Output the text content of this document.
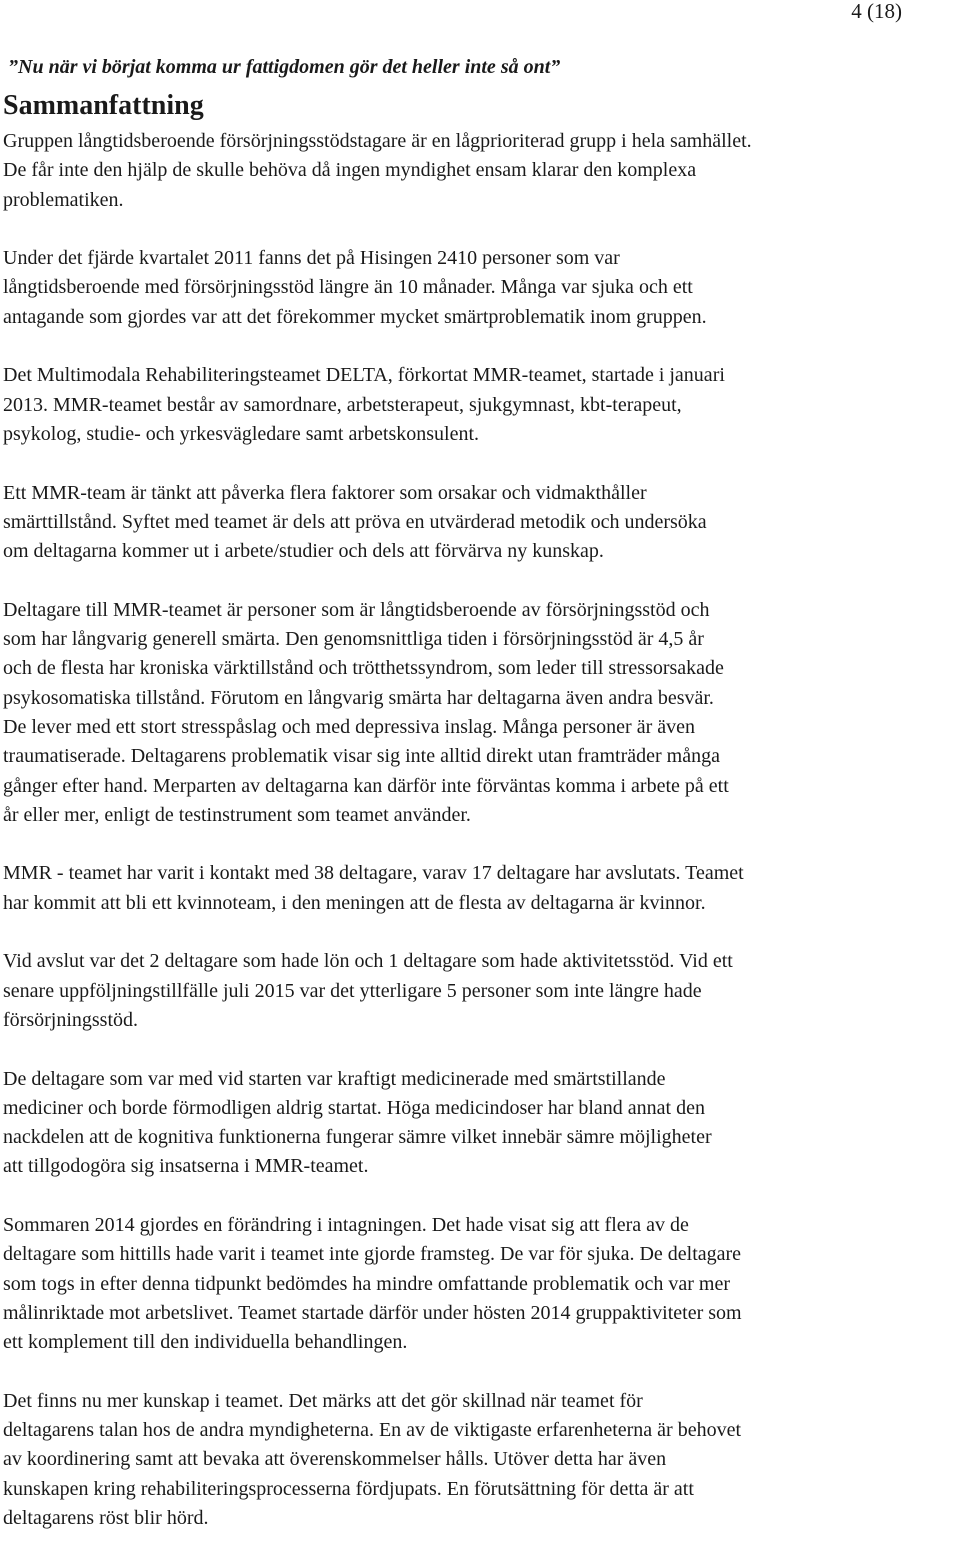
4 (18)
”Nu när vi börjat komma ur fattigdomen gör det heller inte så ont”
Sammanfattning

Gruppen långtidsberoende försörjningsstödstagare är en lågprioriterad grupp i hela samhället.
De får inte den hjälp de skulle behöva då ingen myndighet ensam klarar den komplexa
problematiken.

Under det fjärde kvartalet 2011 fanns det på Hisingen 2410 personer som var
långtidsberoende med försörjningsstöd längre än 10 månader. Många var sjuka och ett
antagande som gjordes var att det förekommer mycket smärtproblematik inom gruppen.

Det Multimodala Rehabiliteringsteamet DELTA, förkortat MMR-teamet, startade i januari
2013. MMR-teamet består av samordnare, arbetsterapeut, sjukgymnast, kbt-terapeut,
psykolog, studie- och yrkesvägledare samt arbetskonsulent.

Ett MMR-team är tänkt att påverka flera faktorer som orsakar och vidmakthåller
smärttillstånd. Syftet med teamet är dels att pröva en utvärderad metodik och undersöka
om deltagarna kommer ut i arbete/studier och dels att förvärva ny kunskap.

Deltagare till MMR-teamet är personer som är långtidsberoende av försörjningsstöd och
som har långvarig generell smärta. Den genomsnittliga tiden i försörjningsstöd är 4,5 år
och de flesta har kroniska värktillstånd och trötthetssyndrom, som leder till stressorsakade
psykosomatiska tillstånd. Förutom en långvarig smärta har deltagarna även andra besvär.
De lever med ett stort stresspåslag och med depressiva inslag. Många personer är även
traumatiserade. Deltagarens problematik visar sig inte alltid direkt utan framträder många
gånger efter hand. Merparten av deltagarna kan därför inte förväntas komma i arbete på ett
år eller mer, enligt de testinstrument som teamet använder.

MMR - teamet har varit i kontakt med 38 deltagare, varav 17 deltagare har avslutats. Teamet
har kommit att bli ett kvinnoteam, i den meningen att de flesta av deltagarna är kvinnor.

Vid avslut var det 2 deltagare som hade lön och 1 deltagare som hade aktivitetsstöd. Vid ett
senare uppföljningstillfälle juli 2015 var det ytterligare 5 personer som inte längre hade
försörjningsstöd.

De deltagare som var med vid starten var kraftigt medicinerade med smärtstillande
mediciner och borde förmodligen aldrig startat. Höga medicindoser har bland annat den
nackdelen att de kognitiva funktionerna fungerar sämre vilket innebär sämre möjligheter
att tillgodogöra sig insatserna i MMR-teamet.

Sommaren 2014 gjordes en förändring i intagningen. Det hade visat sig att flera av de
deltagare som hittills hade varit i teamet inte gjorde framsteg. De var för sjuka. De deltagare
som togs in efter denna tidpunkt bedömdes ha mindre omfattande problematik och var mer
målinriktade mot arbetslivet. Teamet startade därför under hösten 2014 gruppaktiviteter som
ett komplement till den individuella behandlingen.

Det finns nu mer kunskap i teamet. Det märks att det gör skillnad när teamet för
deltagarens talan hos de andra myndigheterna. En av de viktigaste erfarenheterna är behovet
av koordinering samt att bevaka att överenskommelser hålls. Utöver detta har även
kunskapen kring rehabiliteringsprocesserna fördjupats. En förutsättning för detta är att
deltagarens röst blir hörd.
